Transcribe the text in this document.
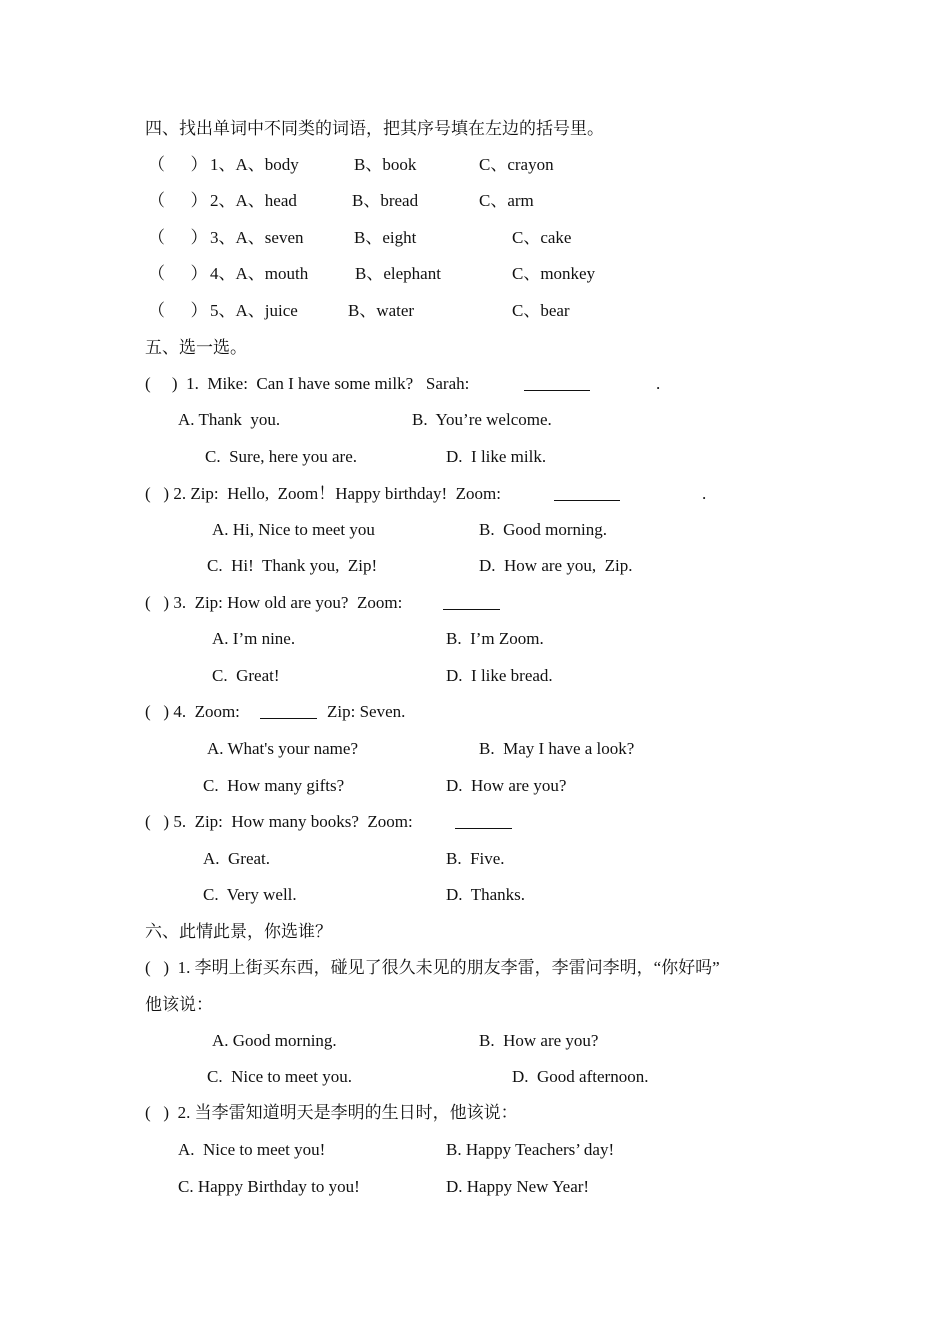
四、找出单词中不同类的词语，把其序号填在左边的括号里。
（      ） 1、A、body	B、book	C、crayon
（      ） 2、A、head	B、bread	C、arm
（      ） 3、A、seven	B、eight	C、cake
（      ） 4、A、mouth	B、elephant	C、monkey
（      ） 5、A、juice	B、water	C、bear
五、选一选。
(     )  1.  Mike:  Can I have some milk?   Sarah:	.
A. Thank  you.	B.  You’re welcome.
C.  Sure, here you are.	D.  I like milk.
(   ) 2. Zip:  Hello,  Zoom！Happy birthday!  Zoom:	.
A. Hi, Nice to meet you	B.  Good morning.
C.  Hi!  Thank you,  Zip!	D.  How are you,  Zip.
(   ) 3.  Zip: How old are you?  Zoom:
A. I’m nine.	B.  I’m Zoom.
C.  Great!	D.  I like bread.
(   ) 4.  Zoom:	Zip: Seven.
A. What's your name?	B.  May I have a look?
C.  How many gifts?	D.  How are you?
(   ) 5.  Zip:  How many books?  Zoom:
A.  Great.	B.  Five.
C.  Very well.	D.  Thanks.
六、此情此景，你选谁？
(   )  1. 李明上街买东西，碰见了很久未见的朋友李雷，李雷问李明，“你好吗”
他该说：
A. Good morning.	B.  How are you?
C.  Nice to meet you.	D.  Good afternoon.
(   )  2. 当李雷知道明天是李明的生日时，他该说：
A.  Nice to meet you!	B. Happy Teachers’ day!
C. Happy Birthday to you!	D. Happy New Year!
